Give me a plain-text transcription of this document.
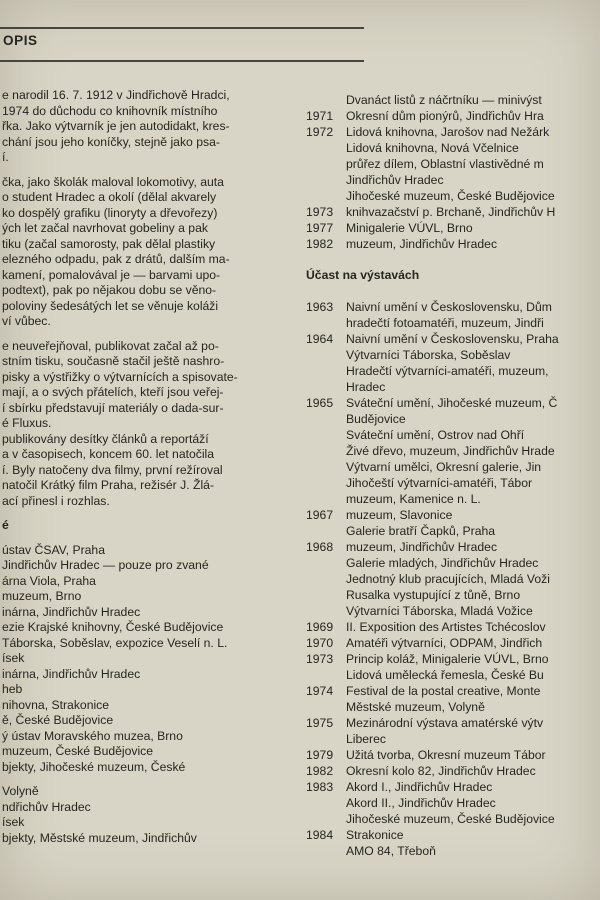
OPIS
e narodil 16. 7. 1912 v Jindřichově Hradci,
1974 do důchodu co knihovník místního
řka. Jako výtvarník je jen autodidakt, kres-
chání jsou jeho koníčky, stejně jako psa-
í.
čka, jako školák maloval lokomotivy, auta
o student Hradec a okolí (dělal akvarely
ko dospělý grafiku (linoryty a dřevořezy)
ých let začal navrhovat gobeliny a pak
tiku (začal samorosty, pak dělal plastiky
elezného odpadu, pak z drátů, dalším ma-
kamení, pomalovával je — barvami upo-
podtext), pak po nějakou dobu se věno-
poloviny šedesátých let se věnuje koláži
ví vůbec.
e neuveřejňoval, publikovat začal až po-
stním tisku, současně stačil ještě nashro-
pisky a výstřižky o výtvarnících a spisovate-
mají, a o svých přátelích, kteří jsou veřej-
í sbírku představují materiály o dada-sur-
é Fluxus.
publikovány desítky článků a reportáží
a v časopisech, koncem 60. let natočila
í. Byly natočeny dva filmy, první režíroval
natočil Krátký film Praha, režisér J. Žlá-
ací přinesl i rozhlas.
é
ústav ČSAV, Praha
Jindřichův Hradec — pouze pro zvané
árna Viola, Praha
muzeum, Brno
inárna, Jindřichův Hradec
ezie Krajské knihovny, České Budějovice
Táborska, Soběslav, expozice Veselí n. L.
ísek
inárna, Jindřichův Hradec
heb
nihovna, Strakonice
ě, České Budějovice
ý ústav Moravského muzea, Brno
muzeum, České Budějovice
bjekty, Jihočeské muzeum, České
Volyně
ndřichův Hradec
ísek
bjekty, Městské muzeum, Jindřichův
Dvanáct listů z náčrtníku — minivýst
1971	Okresní dům pionýrů, Jindřichův Hra
1972	Lidová knihovna, Jarošov nad Nežárk
Lidová knihovna, Nová Včelnice
průřez dílem, Oblastní vlastivědné m
Jindřichův Hradec
Jihočeské muzeum, České Budějovice
1973	knihvazačství p. Brchaně, Jindřichův H
1977	Minigalerie VÚVL, Brno
1982	muzeum, Jindřichův Hradec
Účast na výstavách
1963	Naivní umění v Československu, Dům
hradečtí fotoamatéři, muzeum, Jindři
1964	Naivní umění v Československu, Praha
Výtvarníci Táborska, Soběslav
Hradečtí výtvarníci-amatéři, muzeum,
Hradec
1965	Sváteční umění, Jihočeské muzeum, Č
Budějovice
Sváteční umění, Ostrov nad Ohří
Živé dřevo, muzeum, Jindřichův Hrade
Výtvarní umělci, Okresní galerie, Jin
Jihočeští výtvarníci-amatéři, Tábor
muzeum, Kamenice n. L.
1967	muzeum, Slavonice
Galerie bratří Čapků, Praha
1968	muzeum, Jindřichův Hradec
Galerie mladých, Jindřichův Hradec
Jednotný klub pracujících, Mladá Voži
Rusalka vystupující z tůně, Brno
Výtvarníci Táborska, Mladá Vožice
1969	II. Exposition des Artistes Tchécoslov
1970	Amatéři výtvarníci, ODPAM, Jindřich
1973	Princip koláž, Minigalerie VÚVL, Brno
Lidová umělecká řemesla, České Bu
1974	Festival de la postal creative, Monte
Městské muzeum, Volyně
1975	Mezinárodní výstava amatérské výtv
Liberec
1979	Užitá tvorba, Okresní muzeum Tábor
1982	Okresní kolo 82, Jindřichův Hradec
1983	Akord I., Jindřichův Hradec
Akord II., Jindřichův Hradec
Jihočeské muzeum, České Budějovice
1984	Strakonice
AMO 84, Třeboň
